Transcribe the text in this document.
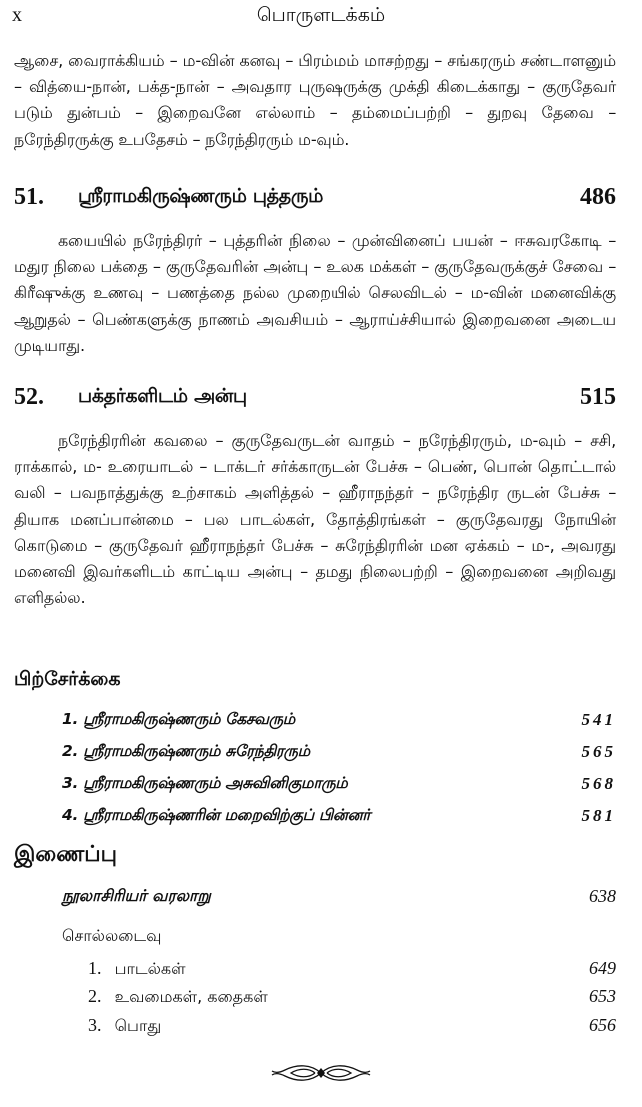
x	பொருளடக்கம்
ஆசை, வைராக்கியம் – ம-வின் கனவு – பிரம்மம் மாசற்றது – சங்கரரும் சண்டாளனும் – வித்யை-நான், பக்த-நான் – அவதார புருஷருக்கு முக்தி கிடைக்காது – குருதேவர் படும் துன்பம் – இறைவனே எல்லாம் – தம்மைப்பற்றி – துறவு தேவை – நரேந்திரருக்கு உபதேசம் – நரேந்திரரும் ம-வும்.
51. ஸ்ரீராமகிருஷ்ணரும் புத்தரும்	486
கயையில் நரேந்திரர் – புத்தரின் நிலை – முன்வினைப் பயன் – ஈசுவரகோடி – மதுர நிலை பக்தை – குருதேவரின் அன்பு – உலக மக்கள் – குருதேவருக்குச் சேவை – கிரீஷுக்கு உணவு – பணத்தை நல்ல முறையில் செலவிடல் – ம-வின் மனைவிக்கு ஆறுதல் – பெண்களுக்கு நாணம் அவசியம் – ஆராய்ச்சியால் இறைவனை அடைய முடியாது.
52. பக்தர்களிடம் அன்பு	515
நரேந்திரரின் கவலை – குருதேவருடன் வாதம் – நரேந்திரரும், ம-வும் – சசி, ராக்கால், ம- உரையாடல் – டாக்டர் சர்க்காருடன் பேச்சு – பெண், பொன் தொட்டால் வலி – பவநாத்துக்கு உற்சாகம் அளித்தல் – ஹீராநந்தர் – நரேந்திர ருடன் பேச்சு – தியாக மனப்பான்மை – பல பாடல்கள், தோத்திரங்கள் – குருதேவரது நோயின் கொடுமை – குருதேவர் ஹீராநந்தர் பேச்சு – சுரேந்திரரின் மன ஏக்கம் – ம-, அவரது மனைவி இவர்களிடம் காட்டிய அன்பு – தமது நிலைபற்றி – இறைவனை அறிவது எளிதல்ல.
பிற்சேர்க்கை
1. ஸ்ரீராமகிருஷ்ணரும் கேசவரும்	541
2. ஸ்ரீராமகிருஷ்ணரும் சுரேந்திரரும்	565
3. ஸ்ரீராமகிருஷ்ணரும் அசுவினிகுமாரும்	568
4. ஸ்ரீராமகிருஷ்ணரின் மறைவிற்குப் பின்னர்	581
இணைப்பு
நூலாசிரியர் வரலாறு	638
சொல்லடைவு
1. பாடல்கள்	649
2. உவமைகள், கதைகள்	653
3. பொது	656
